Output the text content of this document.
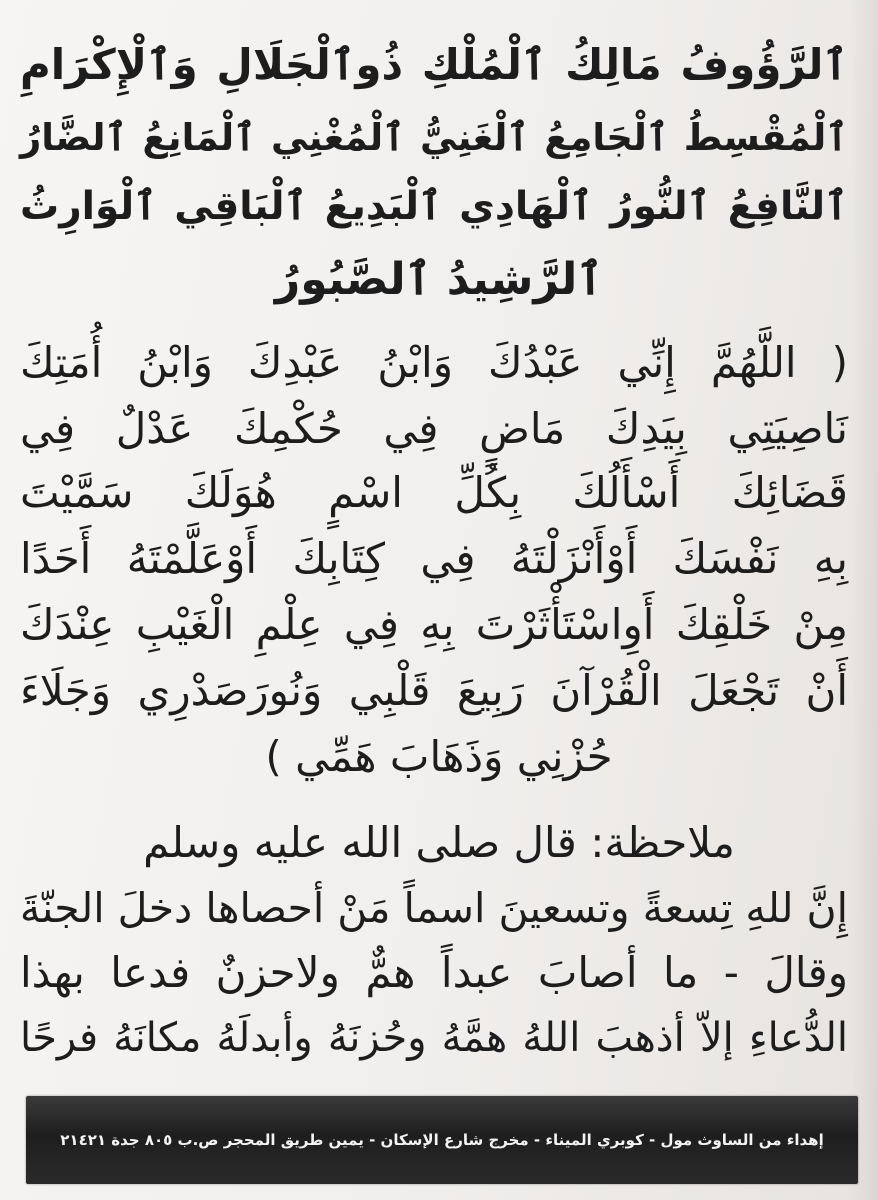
ٱلرَّؤُوفُ مَالِكُ ٱلْمُلْكِ ذُوٱلْجَلَالِ وَٱلْإِكْرَامِ
ٱلْمُقْسِطُ ٱلْجَامِعُ ٱلْغَنِيُّ ٱلْمُغْنِي ٱلْمَانِعُ ٱلضَّارُ
ٱلنَّافِعُ ٱلنُّورُ ٱلْهَادِي ٱلْبَدِيعُ ٱلْبَاقِي ٱلْوَارِثُ
ٱلرَّشِيدُ ٱلصَّبُورُ
( اللَّهُمَّ إِنِّي عَبْدُكَ وَابْنُ عَبْدِكَ وَابْنُ أُمَتِكَ
نَاصِيَتِي بِيَدِكَ مَاضٍ فِي حُكْمِكَ عَدْلٌ فِي
قَضَائِكَ أَسْأَلُكَ بِكُلِّ اسْمٍ هُوَلَكَ سَمَّيْتَ
بِهِ نَفْسَكَ أَوْأَنْزَلْتَهُ فِي كِتَابِكَ أَوْعَلَّمْتَهُ أَحَدًا
مِنْ خَلْقِكَ أَوِاسْتَأْثَرْتَ بِهِ فِي عِلْمِ الْغَيْبِ عِنْدَكَ
أَنْ تَجْعَلَ الْقُرْآنَ رَبِيعَ قَلْبِي وَنُورَصَدْرِي وَجَلَاءَ
حُزْنِي وَذَهَابَ هَمِّي )
ملاحظة: قال صلى الله عليه وسلم
إِنَّ للهِ تِسعةً وتسعينَ اسماً مَنْ أحصاها دخلَ الجنّةَ
وقالَ - ما أصابَ عبداً همٌّ ولاحزنٌ فدعا بهذا
الدُّعاءِ إلاّ أذهبَ اللهُ همَّهُ وحُزنَهُ وأبدلَهُ مكانَهُ فرحًا
إهداء من الساوث مول - كوبري الميناء - مخرج شارع الإسكان - يمين طريق المحجر ص.ب ٨٠٥ جدة ٢١٤٢١
